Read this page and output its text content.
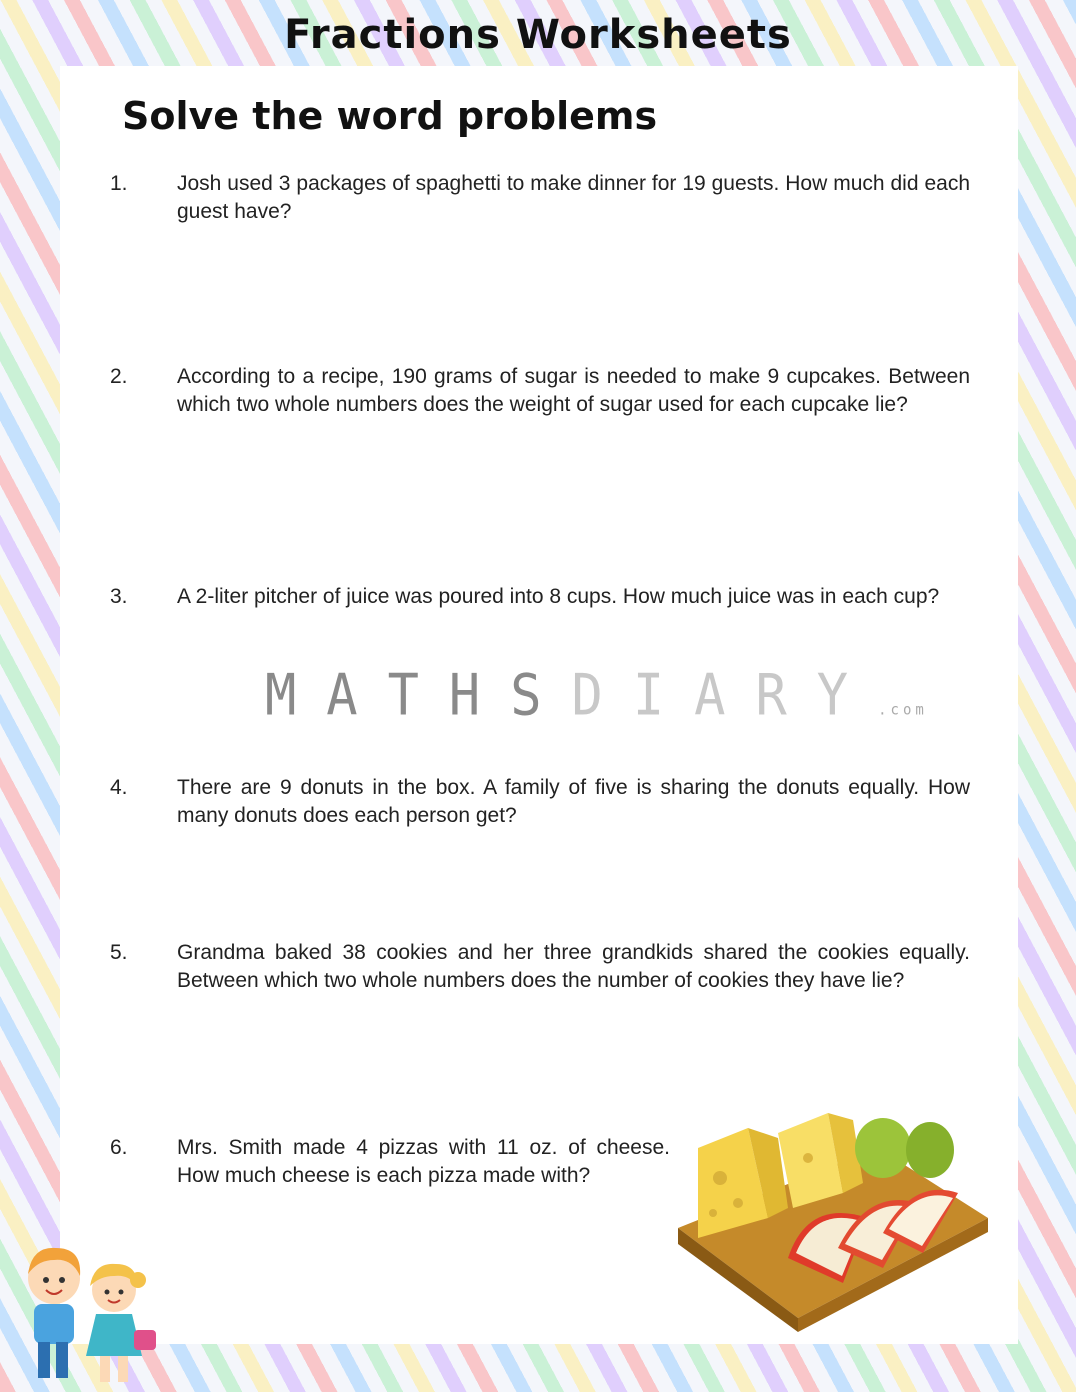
Fractions Worksheets
Solve the word problems
1. Josh used 3 packages of spaghetti to make dinner for 19 guests. How much did each guest have?
2. According to a recipe, 190 grams of sugar is needed to make 9 cupcakes. Between which two whole numbers does the weight of sugar used for each cupcake lie?
3. A 2-liter pitcher of juice was poured into 8 cups. How much juice was in each cup?
MATHSDIARY.com
4. There are 9 donuts in the box. A family of five is sharing the donuts equally. How many donuts does each person get?
5. Grandma baked 38 cookies and her three grandkids shared the cookies equally. Between which two whole numbers does the number of cookies they have lie?
6. Mrs. Smith made 4 pizzas with 11 oz. of cheese. How much cheese is each pizza made with?
